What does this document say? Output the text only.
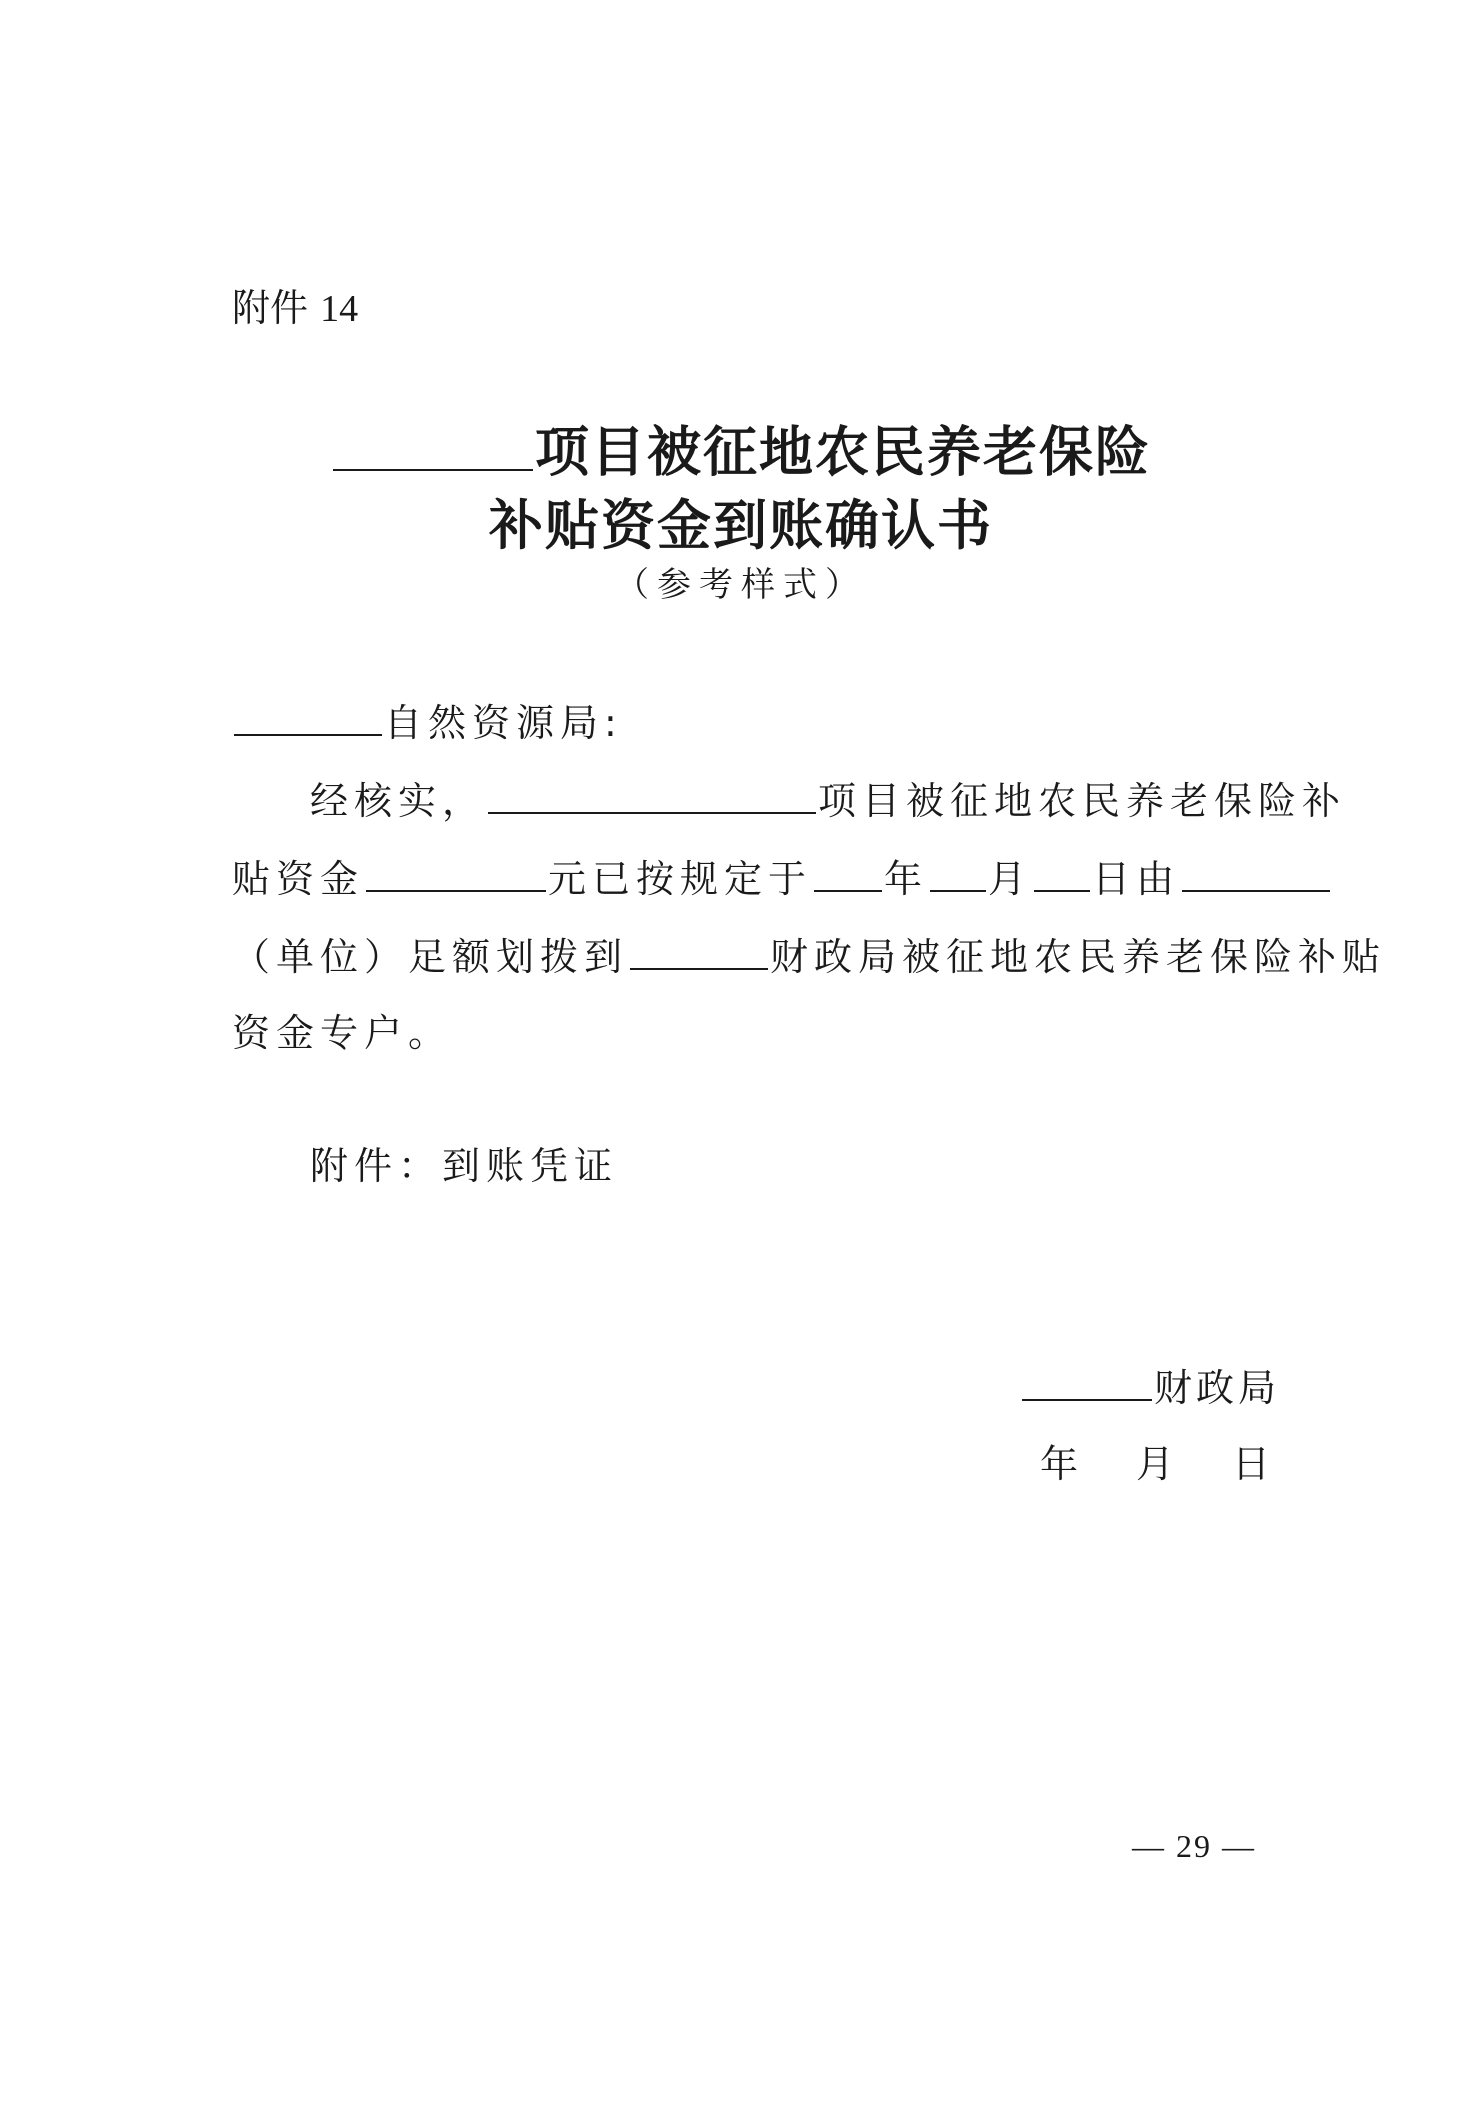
附件 14
项目被征地农民养老保险
补贴资金到账确认书
（参考样式）
自然资源局:
经核实，	项目被征地农民养老保险补
贴资金	元已按规定于 年 月 日由
（单位）足额划拨到	财政局被征地农民养老保险补贴
资金专户。
附件：到账凭证
财政局
年 月 日
— 29 —
